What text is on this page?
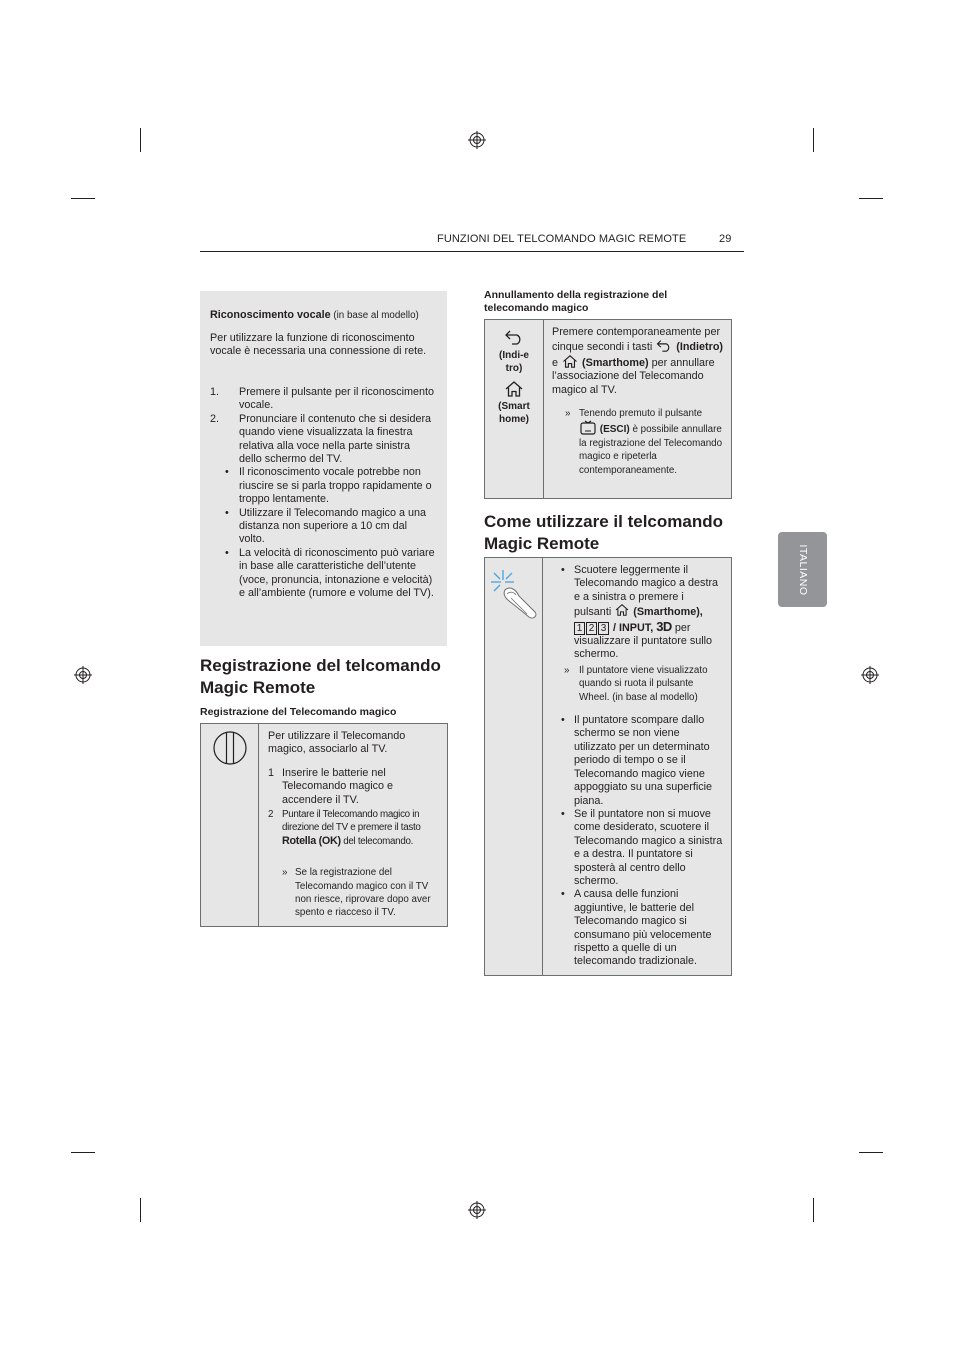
FUNZIONI DEL TELCOMANDO MAGIC REMOTE	29
ITALIANO
Riconoscimento vocale (in base al modello)
Per utilizzare la funzione di riconoscimento vocale è necessaria una connessione di rete.
1. Premere il pulsante per il riconoscimento vocale.
2. Pronunciare il contenuto che si desidera quando viene visualizzata la finestra relativa alla voce nella parte sinistra dello schermo del TV.
• Il riconoscimento vocale potrebbe non riuscire se si parla troppo rapidamente o troppo lentamente.
• Utilizzare il Telecomando magico a una distanza non superiore a 10 cm dal volto.
• La velocità di riconoscimento può variare in base alle caratteristiche dell’utente (voce, pronuncia, intonazione e velocità) e all’ambiente (rumore e volume del TV).
Registrazione del telcomando Magic Remote
Registrazione del Telecomando magico

Per utilizzare il Telecomando magico, associarlo al TV.
1 Inserire le batterie nel Telecomando magico e accendere il TV.
2 Puntare il Telecomando magico in direzione del TV e premere il tasto Rotella (OK) del telecomando.
» Se la registrazione del Telecomando magico con il TV non riesce, riprovare dopo aver spento e riacceso il TV.
Annullamento della registrazione del telecomando magico
(Indi-etro)
(Smart home)

Premere contemporaneamente per cinque secondi i tasti  (Indietro) e  (Smarthome) per annullare l’associazione del Telecomando magico al TV.
» Tenendo premuto il pulsante
(ESCI) è possibile annullare la registrazione del Telecomando magico e ripeterla contemporaneamente.
Come utilizzare il telcomando Magic Remote

• Scuotere leggermente il Telecomando magico a destra e a sinistra o premere i pulsanti  (Smarthome),
1 2 3 / INPUT, 3D per visualizzare il puntatore sullo schermo.
» Il puntatore viene visualizzato quando si ruota il pulsante Wheel. (in base al modello)
• Il puntatore scompare dallo schermo se non viene utilizzato per un determinato periodo di tempo o se il Telecomando magico viene appoggiato su una superficie piana.
• Se il puntatore non si muove come desiderato, scuotere il Telecomando magico a sinistra e a destra. Il puntatore si sposterà al centro dello schermo.
• A causa delle funzioni aggiuntive, le batterie del Telecomando magico si consumano più velocemente rispetto a quelle di un telecomando tradizionale.
